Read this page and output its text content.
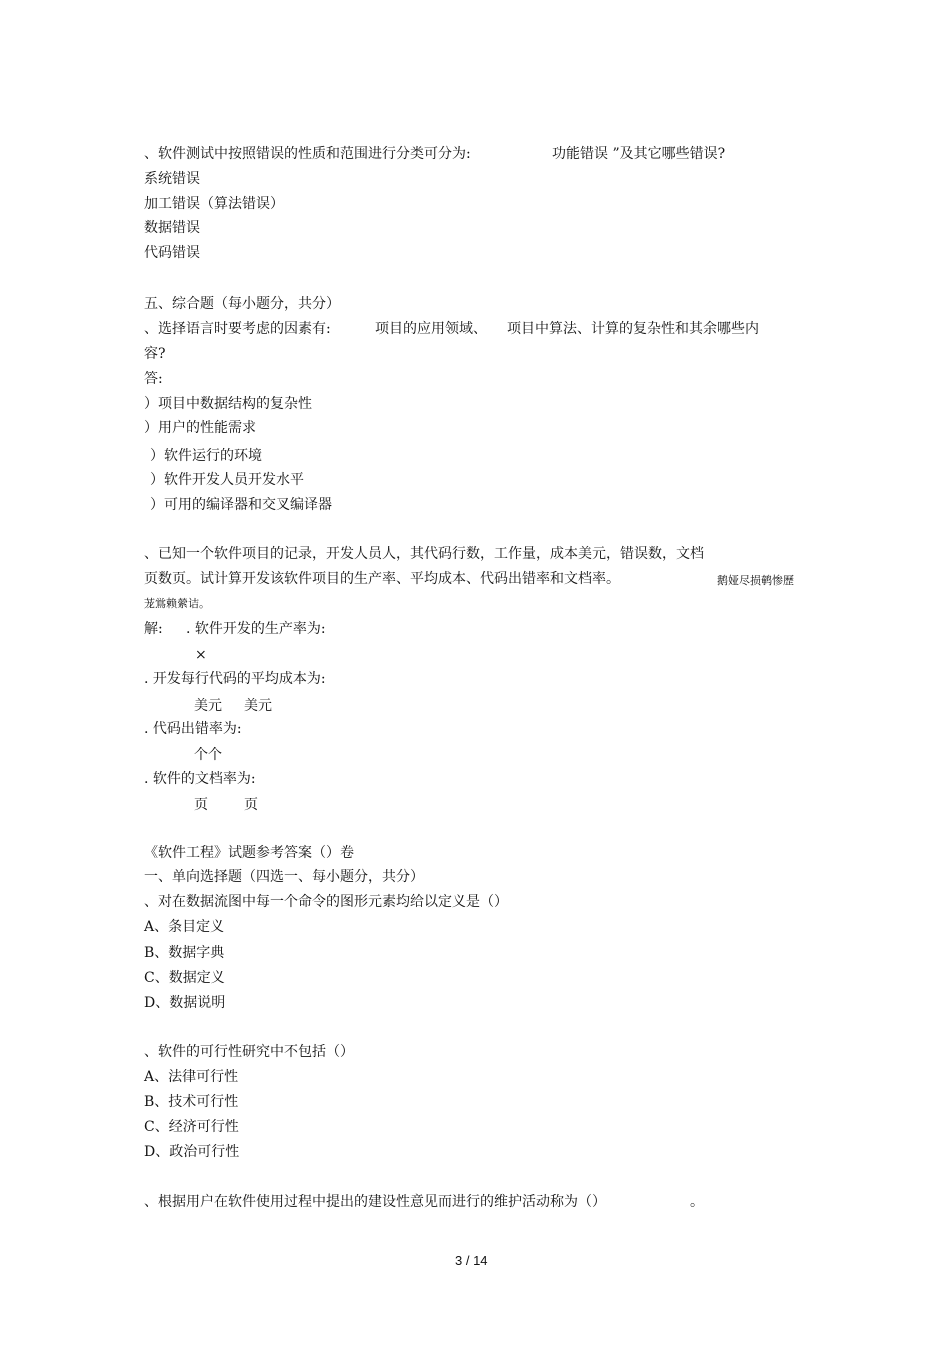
、软件测试中按照错误的性质和范围进行分类可分为:	功能错误 ”及其它哪些错误?
系统错误
加工错误（算法错误）
数据错误
代码错误
五、综合题（每小题分，共分）
、选择语言时要考虑的因素有:	项目的应用领域、 项目中算法、计算的复杂性和其余哪些内
容?
答:
）项目中数据结构的复杂性
）用户的性能需求
）软件运行的环境
）软件开发人员开发水平
）可用的编译器和交叉编译器
、已知一个软件项目的记录，开发人员人，其代码行数，工作量，成本美元，错误数，文档
页数页。试计算开发该软件项目的生产率、平均成本、代码出错率和文档率。	鹅娅尽损鹌惨歷
茏鴬赖縈诘。
解: . 软件开发的生产率为:
×
. 开发每行代码的平均成本为:
美元 美元
. 代码出错率为:
个个
. 软件的文档率为:
页	页
《软件工程》试题参考答案（）卷
一、单向选择题（四选一、每小题分，共分）
、对在数据流图中每一个命令的图形元素均给以定义是（）
A、条目定义
B、数据字典
C、数据定义
D、数据说明
、软件的可行性研究中不包括（）
A、法律可行性
B、技术可行性
C、经济可行性
D、政治可行性
、根据用户在软件使用过程中提出的建设性意见而进行的维护活动称为（）	。
3 / 14
